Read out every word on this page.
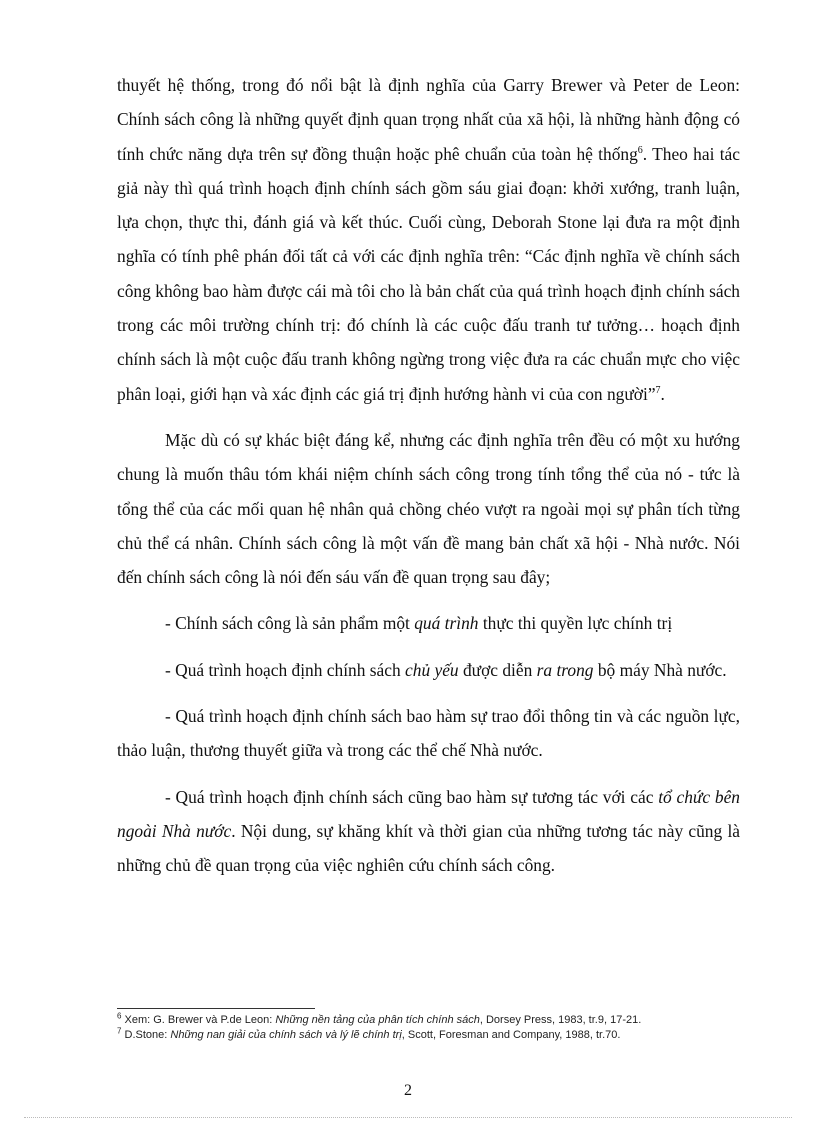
thuyết hệ thống, trong đó nổi bật là định nghĩa của Garry Brewer và Peter de Leon: Chính sách công là những quyết định quan trọng nhất của xã hội, là những hành động có tính chức năng dựa trên sự đồng thuận hoặc phê chuẩn của toàn hệ thống$^6$. Theo hai tác giả này thì quá trình hoạch định chính sách gồm sáu giai đoạn: khởi xướng, tranh luận, lựa chọn, thực thi, đánh giá và kết thúc. Cuối cùng, Deborah Stone lại đưa ra một định nghĩa có tính phê phán đối tất cả với các định nghĩa trên: “Các định nghĩa về chính sách công không bao hàm được cái mà tôi cho là bản chất của quá trình hoạch định chính sách trong các môi trường chính trị: đó chính là các cuộc đấu tranh tư tưởng… hoạch định chính sách là một cuộc đấu tranh không ngừng trong việc đưa ra các chuẩn mực cho việc phân loại, giới hạn và xác định các giá trị định hướng hành vi của con người”$^7$.

Mặc dù có sự khác biệt đáng kể, nhưng các định nghĩa trên đều có một xu hướng chung là muốn thâu tóm khái niệm chính sách công trong tính tổng thể của nó - tức là tổng thể của các mối quan hệ nhân quả chồng chéo vượt ra ngoài mọi sự phân tích từng chủ thể cá nhân. Chính sách công là một vấn đề mang bản chất xã hội - Nhà nước. Nói đến chính sách công là nói đến sáu vấn đề quan trọng sau đây;

- Chính sách công là sản phẩm một quá trình thực thi quyền lực chính trị

- Quá trình hoạch định chính sách chủ yếu được diễn ra trong bộ máy Nhà nước.

- Quá trình hoạch định chính sách bao hàm sự trao đổi thông tin và các nguồn lực, thảo luận, thương thuyết giữa và trong các thể chế Nhà nước.

- Quá trình hoạch định chính sách cũng bao hàm sự tương tác với các tổ chức bên ngoài Nhà nước. Nội dung, sự khăng khít và thời gian của những tương tác này cũng là những chủ đề quan trọng của việc nghiên cứu chính sách công.

$^6$ Xem: G. Brewer và P.de Leon: Những nền tảng của phân tích chính sách, Dorsey Press, 1983, tr.9, 17-21.
$^7$ D.Stone: Những nan giải của chính sách và lý lẽ chính trị, Scott, Foresman and Company, 1988, tr.70.
2
